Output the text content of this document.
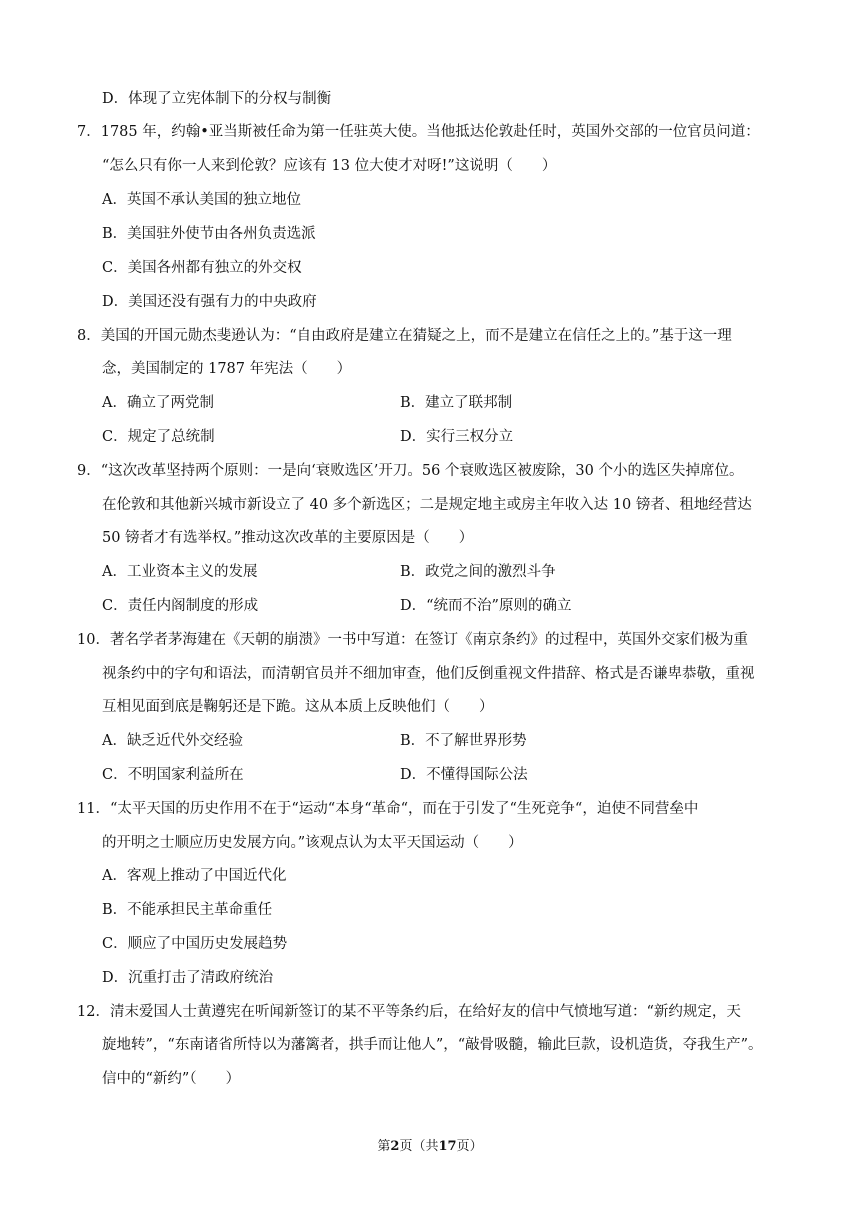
D．体现了立宪体制下的分权与制衡
7．1785 年，约翰•亚当斯被任命为第一任驻英大使。当他抵达伦敦赴任时，英国外交部的一位官员问道：
“怎么只有你一人来到伦敦？应该有 13 位大使才对呀!”这说明（　　）
A．英国不承认美国的独立地位
B．美国驻外使节由各州负责选派
C．美国各州都有独立的外交权
D．美国还没有强有力的中央政府
8．美国的开国元勋杰斐逊认为：“自由政府是建立在猜疑之上，而不是建立在信任之上的。”基于这一理
念，美国制定的 1787 年宪法（　　）
A．确立了两党制	B．建立了联邦制
C．规定了总统制	D．实行三权分立
9．“这次改革坚持两个原则：一是向‘衰败选区’开刀。56 个衰败选区被废除，30 个小的选区失掉席位。
在伦敦和其他新兴城市新设立了 40 多个新选区；二是规定地主或房主年收入达 10 镑者、租地经营达
50 镑者才有选举权。”推动这次改革的主要原因是（　　）
A．工业资本主义的发展	B．政党之间的激烈斗争
C．责任内阁制度的形成	D．“统而不治”原则的确立
10．著名学者茅海建在《天朝的崩溃》一书中写道：在签订《南京条约》的过程中，英国外交家们极为重
视条约中的字句和语法，而清朝官员并不细加审查，他们反倒重视文件措辞、格式是否谦卑恭敬，重视
互相见面到底是鞠躬还是下跪。这从本质上反映他们（　　）
A．缺乏近代外交经验	B．不了解世界形势
C．不明国家利益所在	D．不懂得国际公法
11．“太平天国的历史作用不在于“运动“本身“革命“，而在于引发了“生死竞争“，迫使不同营垒中
的开明之士顺应历史发展方向。”该观点认为太平天国运动（　　）
A．客观上推动了中国近代化
B．不能承担民主革命重任
C．顺应了中国历史发展趋势
D．沉重打击了清政府统治
12．清末爱国人士黄遵宪在听闻新签订的某不平等条约后，在给好友的信中气愤地写道：“新约规定，天
旋地转”，“东南诸省所恃以为藩篱者，拱手而让他人”，“敲骨吸髓，输此巨款，设机造货，夺我生产”。
信中的“新约”（　　）
第2页（共17页）
